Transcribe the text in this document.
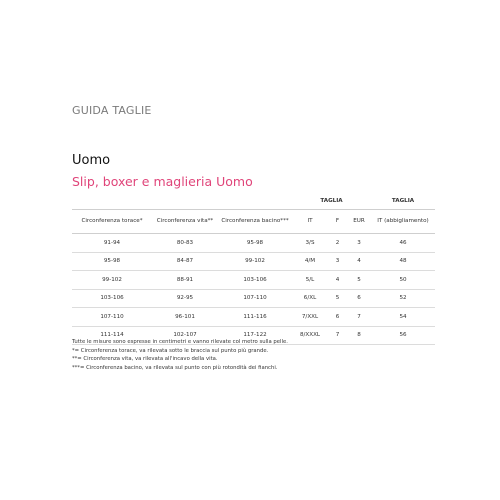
GUIDA TAGLIE
Uomo
Slip, boxer e maglieria Uomo
			TAGLIA			TAGLIA
Circonferenza torace*	Circonferenza vita**	Circonferenza bacino***	IT	F	EUR	IT (abbigliamento)
91-94	80-83	95-98	3/S	2	3	46
95-98	84-87	99-102	4/M	3	4	48
99-102	88-91	103-106	5/L	4	5	50
103-106	92-95	107-110	6/XL	5	6	52
107-110	96-101	111-116	7/XXL	6	7	54
111-114	102-107	117-122	8/XXXL	7	8	56
Tutte le misure sono espresse in centimetri e vanno rilevate col metro sulla pelle.
*= Circonferenza torace, va rilevata sotto le braccia sul punto più grande.
**= Circonferenza vita, va rilevata all'incavo della vita.
***= Circonferenza bacino, va rilevata sul punto con più rotondità dei fianchi.
